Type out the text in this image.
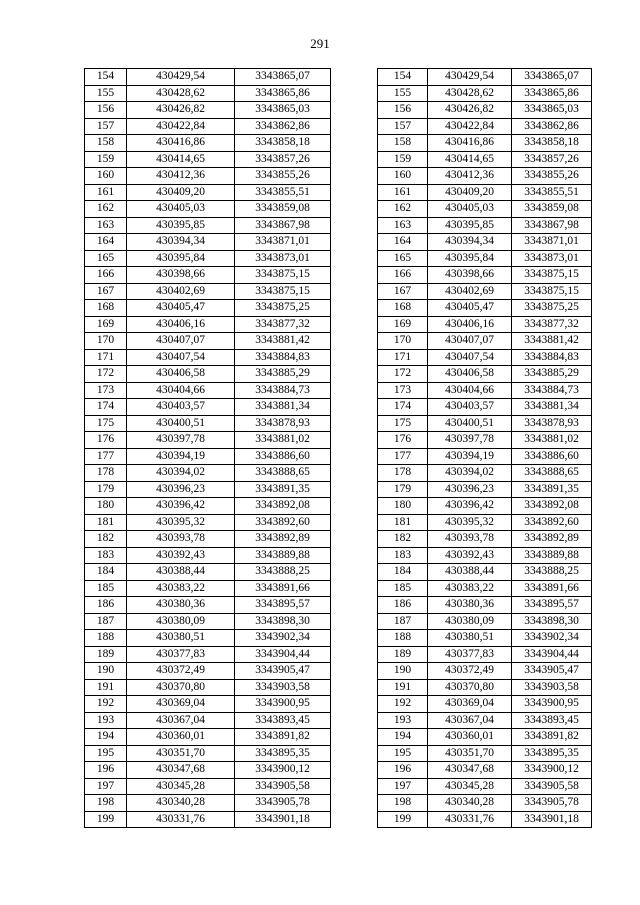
291
154	430429,54	3343865,07
155	430428,62	3343865,86
156	430426,82	3343865,03
157	430422,84	3343862,86
158	430416,86	3343858,18
159	430414,65	3343857,26
160	430412,36	3343855,26
161	430409,20	3343855,51
162	430405,03	3343859,08
163	430395,85	3343867,98
164	430394,34	3343871,01
165	430395,84	3343873,01
166	430398,66	3343875,15
167	430402,69	3343875,15
168	430405,47	3343875,25
169	430406,16	3343877,32
170	430407,07	3343881,42
171	430407,54	3343884,83
172	430406,58	3343885,29
173	430404,66	3343884,73
174	430403,57	3343881,34
175	430400,51	3343878,93
176	430397,78	3343881,02
177	430394,19	3343886,60
178	430394,02	3343888,65
179	430396,23	3343891,35
180	430396,42	3343892,08
181	430395,32	3343892,60
182	430393,78	3343892,89
183	430392,43	3343889,88
184	430388,44	3343888,25
185	430383,22	3343891,66
186	430380,36	3343895,57
187	430380,09	3343898,30
188	430380,51	3343902,34
189	430377,83	3343904,44
190	430372,49	3343905,47
191	430370,80	3343903,58
192	430369,04	3343900,95
193	430367,04	3343893,45
194	430360,01	3343891,82
195	430351,70	3343895,35
196	430347,68	3343900,12
197	430345,28	3343905,58
198	430340,28	3343905,78
199	430331,76	3343901,18
154	430429,54	3343865,07
155	430428,62	3343865,86
156	430426,82	3343865,03
157	430422,84	3343862,86
158	430416,86	3343858,18
159	430414,65	3343857,26
160	430412,36	3343855,26
161	430409,20	3343855,51
162	430405,03	3343859,08
163	430395,85	3343867,98
164	430394,34	3343871,01
165	430395,84	3343873,01
166	430398,66	3343875,15
167	430402,69	3343875,15
168	430405,47	3343875,25
169	430406,16	3343877,32
170	430407,07	3343881,42
171	430407,54	3343884,83
172	430406,58	3343885,29
173	430404,66	3343884,73
174	430403,57	3343881,34
175	430400,51	3343878,93
176	430397,78	3343881,02
177	430394,19	3343886,60
178	430394,02	3343888,65
179	430396,23	3343891,35
180	430396,42	3343892,08
181	430395,32	3343892,60
182	430393,78	3343892,89
183	430392,43	3343889,88
184	430388,44	3343888,25
185	430383,22	3343891,66
186	430380,36	3343895,57
187	430380,09	3343898,30
188	430380,51	3343902,34
189	430377,83	3343904,44
190	430372,49	3343905,47
191	430370,80	3343903,58
192	430369,04	3343900,95
193	430367,04	3343893,45
194	430360,01	3343891,82
195	430351,70	3343895,35
196	430347,68	3343900,12
197	430345,28	3343905,58
198	430340,28	3343905,78
199	430331,76	3343901,18
